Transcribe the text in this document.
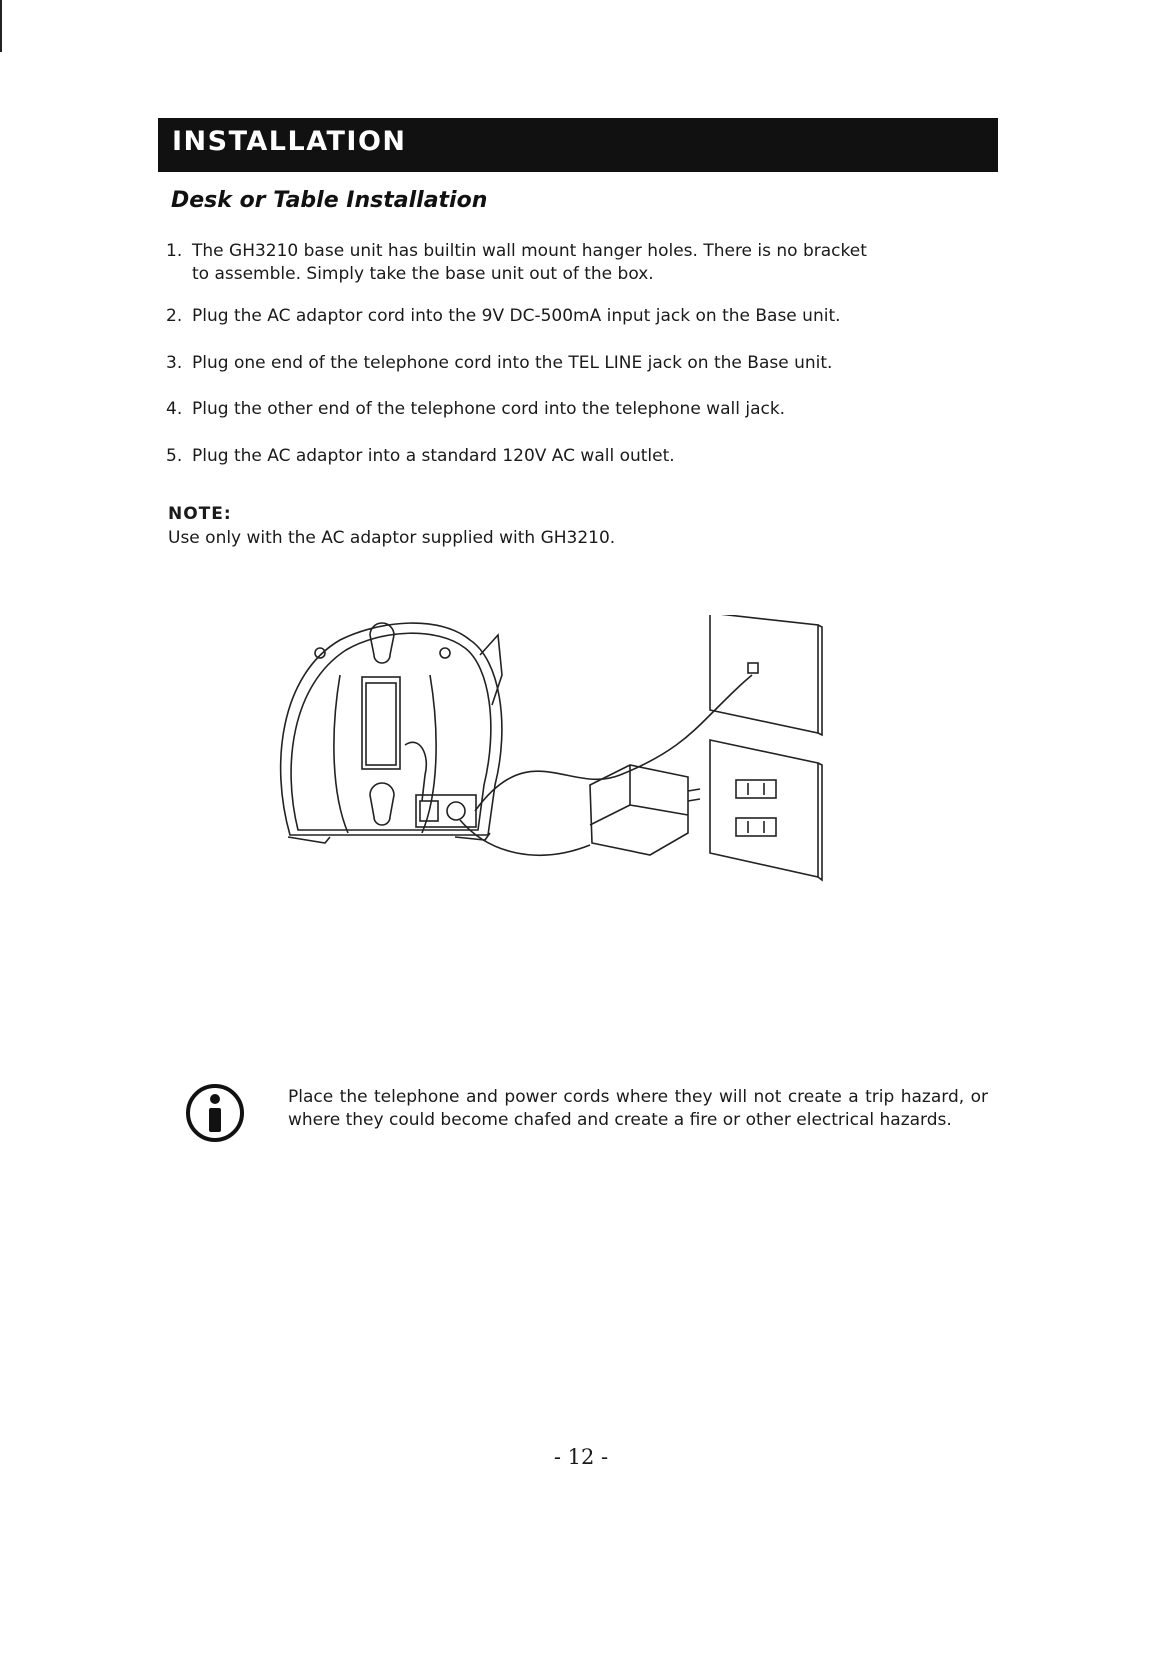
INSTALLATION
Desk or Table Installation
1. The GH3210 base unit has builtin wall mount hanger holes. There is no bracket
to assemble. Simply take the base unit out of the box.
2. Plug the AC adaptor cord into the 9V DC-500mA input jack on the Base unit.
3. Plug one end of the telephone cord into the TEL LINE jack on the Base unit.
4. Plug the other end of the telephone cord into the telephone wall jack.
5. Plug the AC adaptor into a standard 120V AC wall outlet.
NOTE:
Use only with the AC adaptor supplied with GH3210.
Place the telephone and power cords where they will not create a trip hazard, or where they could become chafed and create a fire or other electrical hazards.
- 12 -
